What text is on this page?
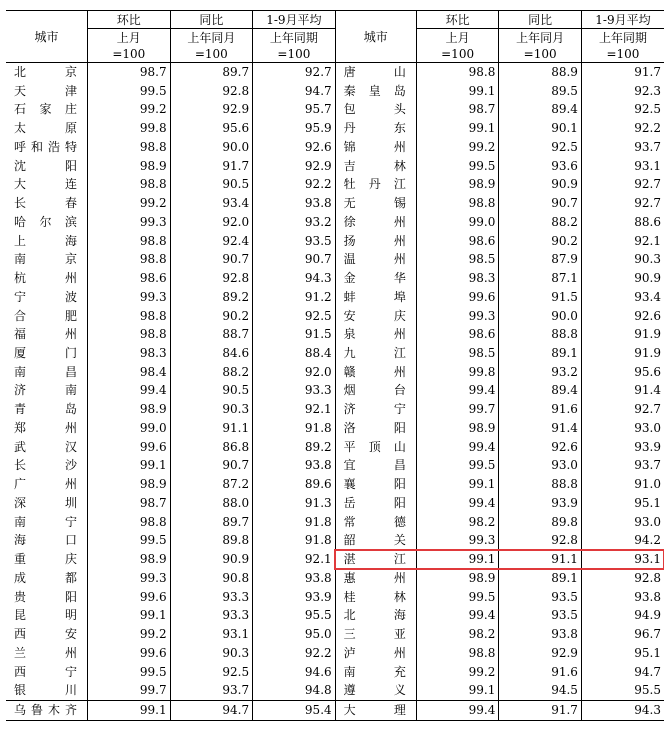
城市	环比	同比	1-9月平均	城市	环比	同比	1-9月平均
	上月	上年同月	上年同期		上月	上年同月	上年同期
	=100	=100	=100		=100	=100	=100
北京	98.7	89.7	92.7	唐山	98.8	88.9	91.7
天津	99.5	92.8	94.7	秦皇岛	99.1	89.5	92.3
石家庄	99.2	92.9	95.7	包头	98.7	89.4	92.5
太原	99.8	95.6	95.9	丹东	99.1	90.1	92.2
呼和浩特	98.8	90.0	92.6	锦州	99.2	92.5	93.7
沈阳	98.9	91.7	92.9	吉林	99.5	93.6	93.1
大连	98.8	90.5	92.2	牡丹江	98.9	90.9	92.7
长春	99.2	93.4	93.8	无锡	98.8	90.7	92.7
哈尔滨	99.3	92.0	93.2	徐州	99.0	88.2	88.6
上海	98.8	92.4	93.5	扬州	98.6	90.2	92.1
南京	98.8	90.7	90.7	温州	98.5	87.9	90.3
杭州	98.6	92.8	94.3	金华	98.3	87.1	90.9
宁波	99.3	89.2	91.2	蚌埠	99.6	91.5	93.4
合肥	98.8	90.2	92.5	安庆	99.3	90.0	92.6
福州	98.8	88.7	91.5	泉州	98.6	88.8	91.9
厦门	98.3	84.6	88.4	九江	98.5	89.1	91.9
南昌	98.4	88.2	92.0	赣州	99.8	93.2	95.6
济南	99.4	90.5	93.3	烟台	99.4	89.4	91.4
青岛	98.9	90.3	92.1	济宁	99.7	91.6	92.7
郑州	99.0	91.1	91.8	洛阳	98.9	91.4	93.0
武汉	99.6	86.8	89.2	平顶山	99.4	92.6	93.9
长沙	99.1	90.7	93.8	宜昌	99.5	93.0	93.7
广州	98.9	87.2	89.6	襄阳	99.1	88.8	91.0
深圳	98.7	88.0	91.3	岳阳	99.4	93.9	95.1
南宁	98.8	89.7	91.8	常德	98.2	89.8	93.0
海口	99.5	89.8	91.8	韶关	99.3	92.8	94.2
重庆	98.9	90.9	92.1	湛江	99.1	91.1	93.1
成都	99.3	90.8	93.8	惠州	98.9	89.1	92.8
贵阳	99.6	93.3	93.9	桂林	99.5	93.5	93.8
昆明	99.1	93.3	95.5	北海	99.4	93.5	94.9
西安	99.2	93.1	95.0	三亚	98.2	93.8	96.7
兰州	99.6	90.3	92.2	泸州	98.8	92.9	95.1
西宁	99.5	92.5	94.6	南充	99.2	91.6	94.7
银川	99.7	93.7	94.8	遵义	99.1	94.5	95.5
乌鲁木齐	99.1	94.7	95.4	大理	99.4	91.7	94.3
